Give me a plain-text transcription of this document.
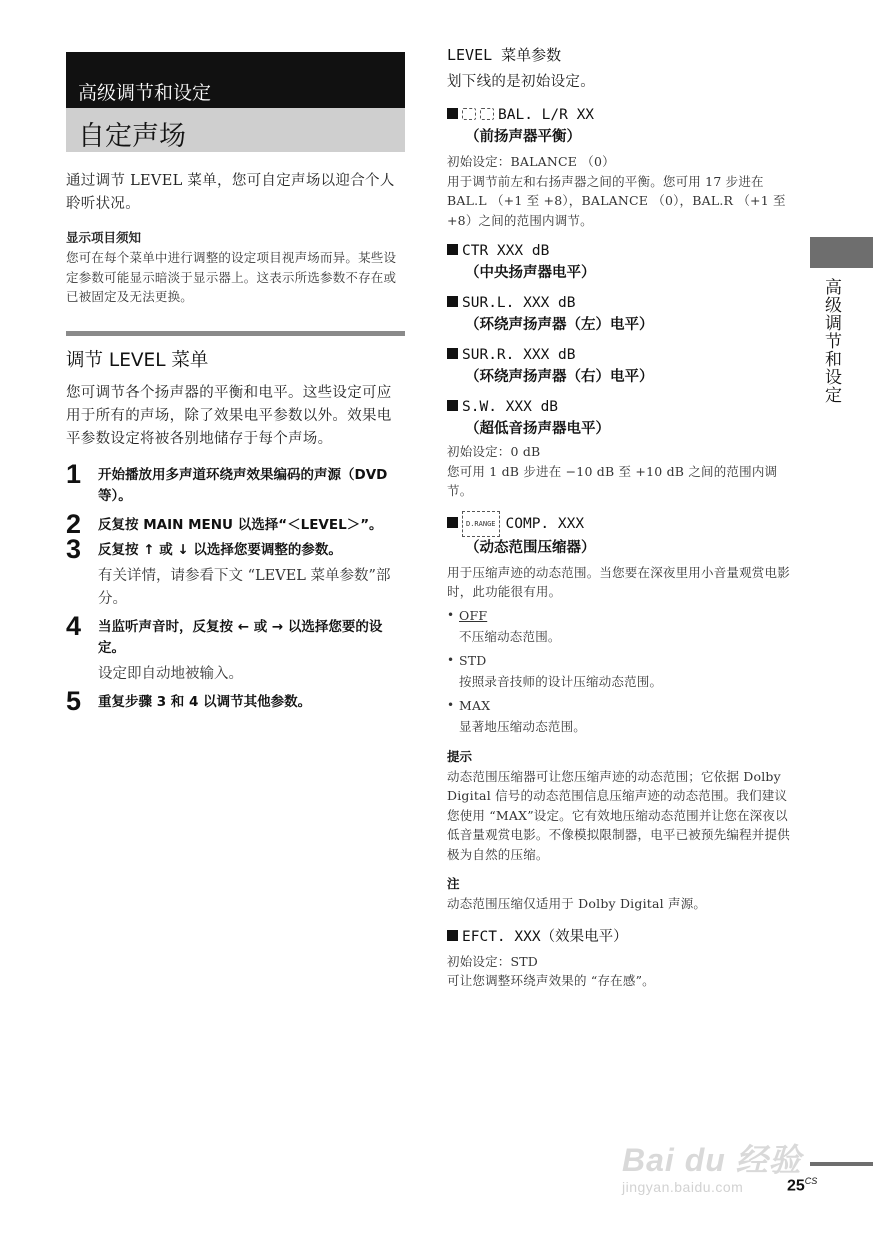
高级调节和设定
自定声场
通过调节 LEVEL 菜单，您可自定声场以迎合个人聆听状况。
显示项目须知
您可在每个菜单中进行调整的设定项目视声场而异。某些设定参数可能显示暗淡于显示器上。这表示所选参数不存在或已被固定及无法更换。
调节 LEVEL 菜单
您可调节各个扬声器的平衡和电平。这些设定可应用于所有的声场，除了效果电平参数以外。效果电平参数设定将被各别地储存于每个声场。
1 开始播放用多声道环绕声效果编码的声源（DVD 等）。
2 反复按 MAIN MENU 以选择“＜LEVEL＞”。
3 反复按 ↑ 或 ↓ 以选择您要调整的参数。
有关详情，请参看下文 “LEVEL 菜单参数”部分。
4 当监听声音时，反复按 ← 或 → 以选择您要的设定。
设定即自动地被输入。
5 重复步骤 3 和 4 以调节其他参数。
LEVEL 菜单参数
划下线的是初始设定。
BAL. L/R XX
（前扬声器平衡）
初始设定：BALANCE （0）
用于调节前左和右扬声器之间的平衡。您可用 17 步进在 BAL.L （+1 至 +8），BALANCE （0），BAL.R （+1 至 +8）之间的范围内调节。
CTR XXX dB
（中央扬声器电平）
SUR.L. XXX dB
（环绕声扬声器（左）电平）
SUR.R. XXX dB
（环绕声扬声器（右）电平）
S.W. XXX dB
（超低音扬声器电平）
初始设定：0 dB
您可用 1 dB 步进在 −10 dB 至 +10 dB 之间的范围内调节。
D.RANGE COMP. XXX
（动态范围压缩器）
用于压缩声迹的动态范围。当您要在深夜里用小音量观赏电影时，此功能很有用。
• OFF
不压缩动态范围。
• STD
按照录音技师的设计压缩动态范围。
• MAX
显著地压缩动态范围。
提示
动态范围压缩器可让您压缩声迹的动态范围；它依据 Dolby Digital 信号的动态范围信息压缩声迹的动态范围。我们建议您使用 “MAX”设定。它有效地压缩动态范围并让您在深夜以低音量观赏电影。不像模拟限制器，电平已被预先编程并提供极为自然的压缩。
注
动态范围压缩仅适用于 Dolby Digital 声源。
EFCT. XXX（效果电平）
初始设定：STD
可让您调整环绕声效果的 “存在感”。
高级调节和设定
Bai du 经验
jingyan.baidu.com	$25^{CS}$
